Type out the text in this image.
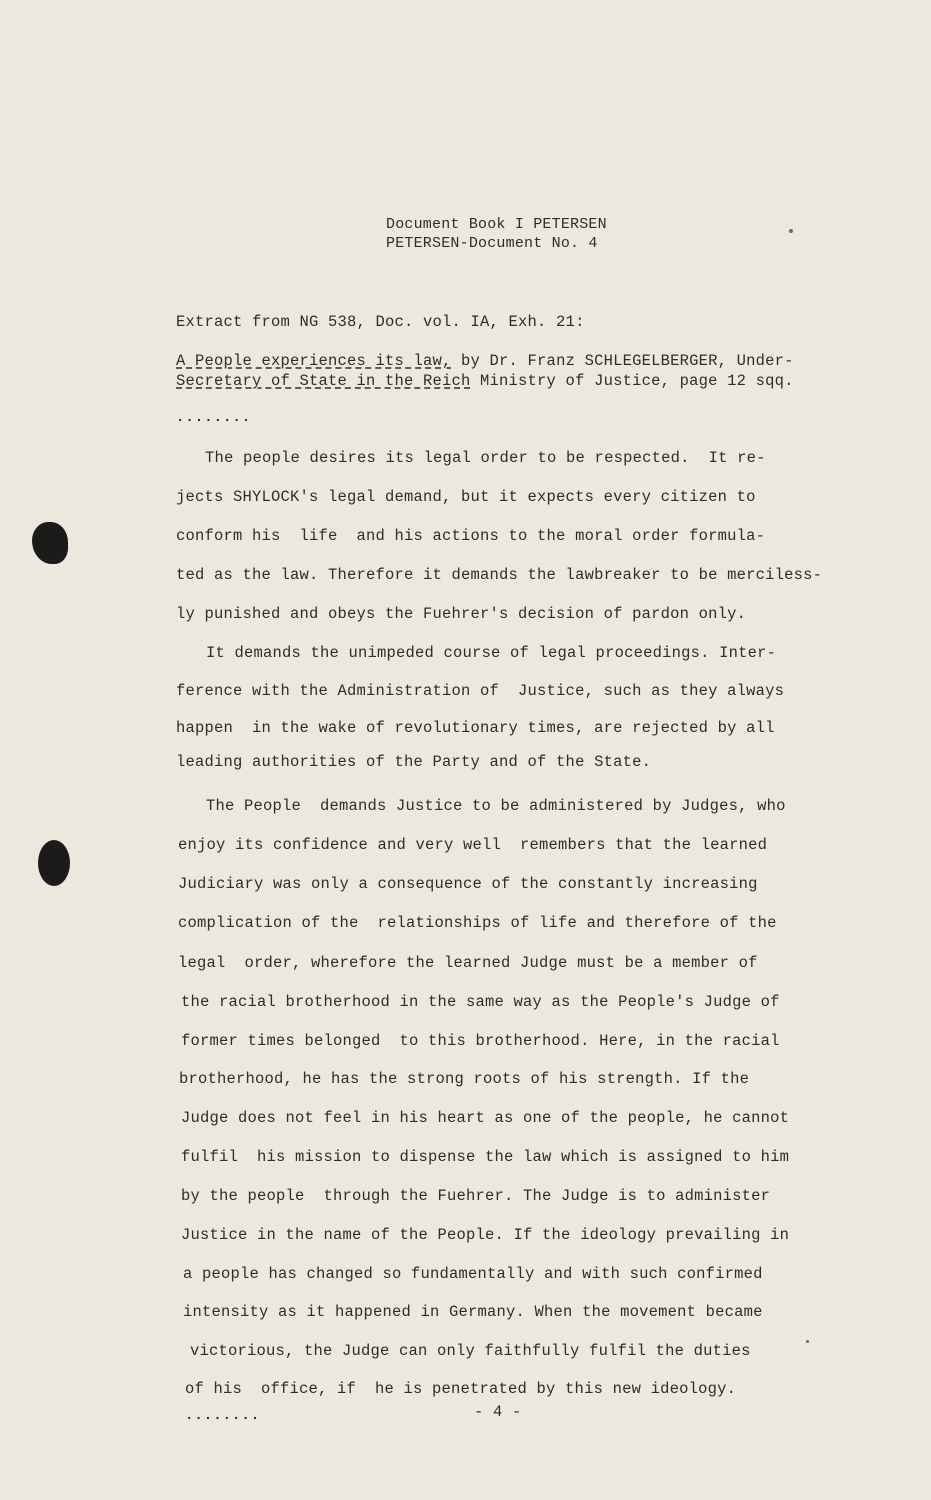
Document Book I PETERSEN
PETERSEN-Document No. 4
Extract from NG 538, Doc. vol. IA, Exh. 21:
A People experiences its law, by Dr. Franz SCHLEGELBERGER, Under-
Secretary of State in the Reich Ministry of Justice, page 12 sqq.
........
The people desires its legal order to be respected.  It re-
jects SHYLOCK's legal demand, but it expects every citizen to
conform his  life  and his actions to the moral order formula-
ted as the law. Therefore it demands the lawbreaker to be merciless-
ly punished and obeys the Fuehrer's decision of pardon only.
It demands the unimpeded course of legal proceedings. Inter-
ference with the Administration of  Justice, such as they always
happen  in the wake of revolutionary times, are rejected by all
leading authorities of the Party and of the State.
The People  demands Justice to be administered by Judges, who
enjoy its confidence and very well  remembers that the learned
Judiciary was only a consequence of the constantly increasing
complication of the  relationships of life and therefore of the
legal  order, wherefore the learned Judge must be a member of
the racial brotherhood in the same way as the People's Judge of
former times belonged  to this brotherhood. Here, in the racial
brotherhood, he has the strong roots of his strength. If the
Judge does not feel in his heart as one of the people, he cannot
fulfil  his mission to dispense the law which is assigned to him
by the people  through the Fuehrer. The Judge is to administer
Justice in the name of the People. If the ideology prevailing in
a people has changed so fundamentally and with such confirmed
intensity as it happened in Germany. When the movement became
victorious, the Judge can only faithfully fulfil the duties
of his  office, if  he is penetrated by this new ideology.
........	- 4 -
